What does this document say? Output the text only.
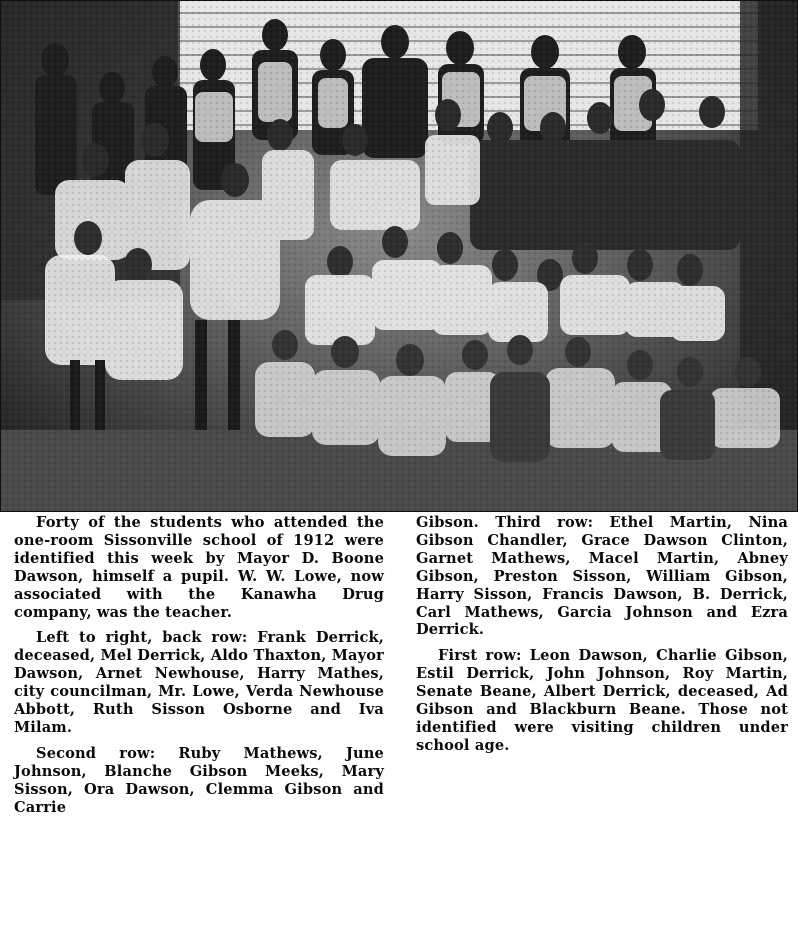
Forty of the students who attended the one-room Sissonville school of 1912 were identified this week by Mayor D. Boone Dawson, himself a pupil. W. W. Lowe, now associated with the Kanawha Drug company, was the teacher.

Left to right, back row: Frank Derrick, deceased, Mel Derrick, Aldo Thaxton, Mayor Dawson, Arnet Newhouse, Harry Mathes, city councilman, Mr. Lowe, Verda Newhouse Abbott, Ruth Sisson Osborne and Iva Milam.

Second row: Ruby Mathews, June Johnson, Blanche Gibson Meeks, Mary Sisson, Ora Dawson, Clemma Gibson and Carrie

Gibson. Third row: Ethel Martin, Nina Gibson Chandler, Grace Dawson Clinton, Garnet Mathews, Macel Martin, Abney Gibson, Preston Sisson, William Gibson, Harry Sisson, Francis Dawson, B. Derrick, Carl Mathews, Garcia Johnson and Ezra Derrick.

First row: Leon Dawson, Charlie Gibson, Estil Derrick, John Johnson, Roy Martin, Senate Beane, Albert Derrick, deceased, Ad Gibson and Blackburn Beane. Those not identified were visiting children under school age.
